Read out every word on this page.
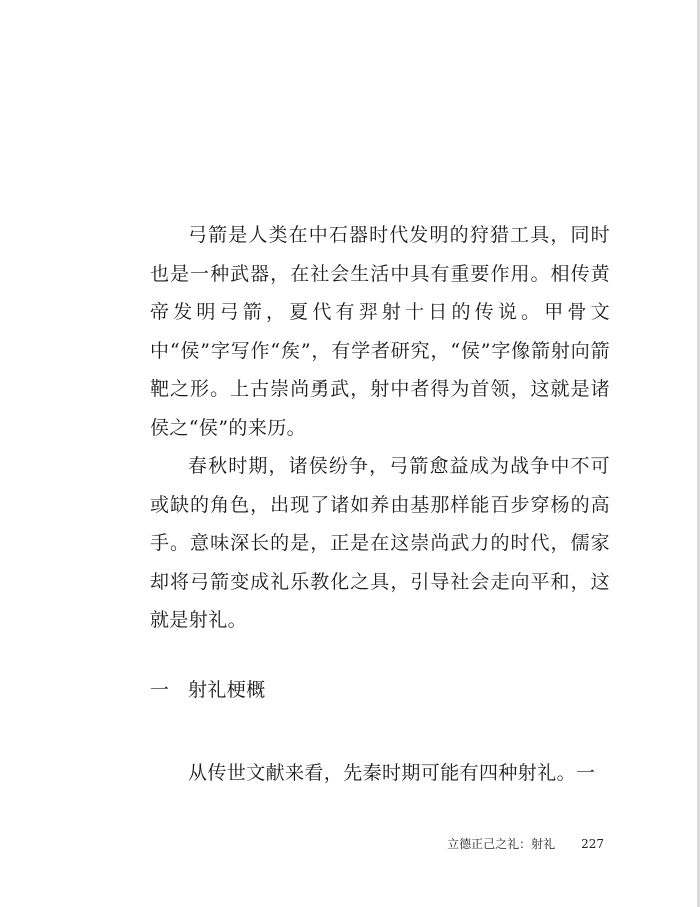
弓箭是人类在中石器时代发明的狩猎工具，同时也是一种武器，在社会生活中具有重要作用。相传黄帝发明弓箭，夏代有羿射十日的传说。甲骨文中“侯”字写作“矦”，有学者研究，“侯”字像箭射向箭靶之形。上古崇尚勇武，射中者得为首领，这就是诸侯之“侯”的来历。

春秋时期，诸侯纷争，弓箭愈益成为战争中不可或缺的角色，出现了诸如养由基那样能百步穿杨的高手。意味深长的是，正是在这崇尚武力的时代，儒家却将弓箭变成礼乐教化之具，引导社会走向平和，这就是射礼。

一 射礼梗概

从传世文献来看，先秦时期可能有四种射礼。一

立德正己之礼：射礼 227
